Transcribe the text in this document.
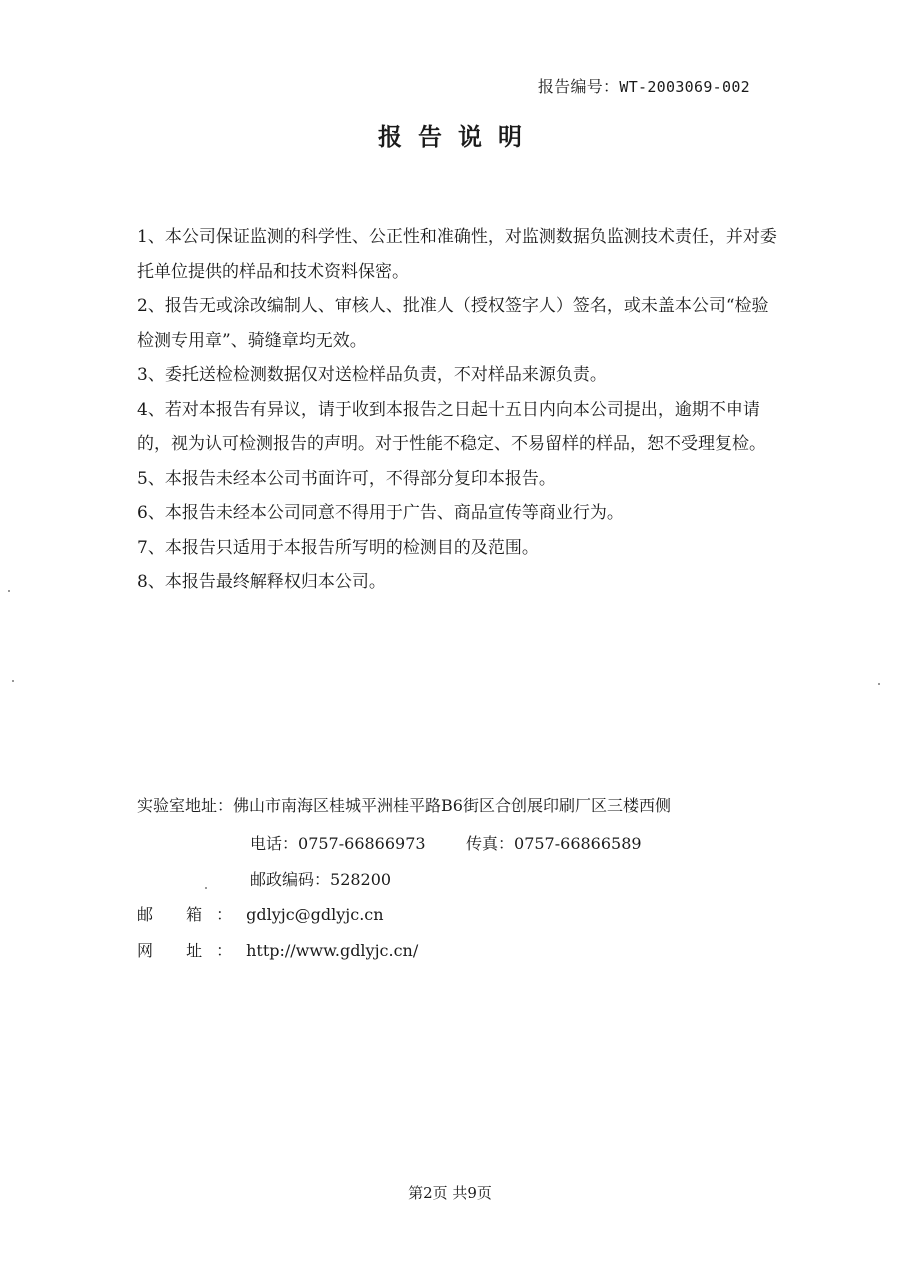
报告编号：WT-2003069-002
报告说明
1、本公司保证监测的科学性、公正性和准确性，对监测数据负监测技术责任，并对委托单位提供的样品和技术资料保密。
2、报告无或涂改编制人、审核人、批准人（授权签字人）签名，或未盖本公司“检验检测专用章”、骑缝章均无效。
3、委托送检检测数据仅对送检样品负责，不对样品来源负责。
4、若对本报告有异议，请于收到本报告之日起十五日内向本公司提出，逾期不申请的，视为认可检测报告的声明。对于性能不稳定、不易留样的样品，恕不受理复检。
5、本报告未经本公司书面许可，不得部分复印本报告。
6、本报告未经本公司同意不得用于广告、商品宣传等商业行为。
7、本报告只适用于本报告所写明的检测目的及范围。
8、本报告最终解释权归本公司。
实验室地址：佛山市南海区桂城平洲桂平路B6街区合创展印刷厂区三楼西侧
电话：0757-66866973	传真：0757-66866589
邮政编码：528200
邮 箱：gdlyjc@gdlyjc.cn
网 址：http://www.gdlyjc.cn/
第2页 共9页
